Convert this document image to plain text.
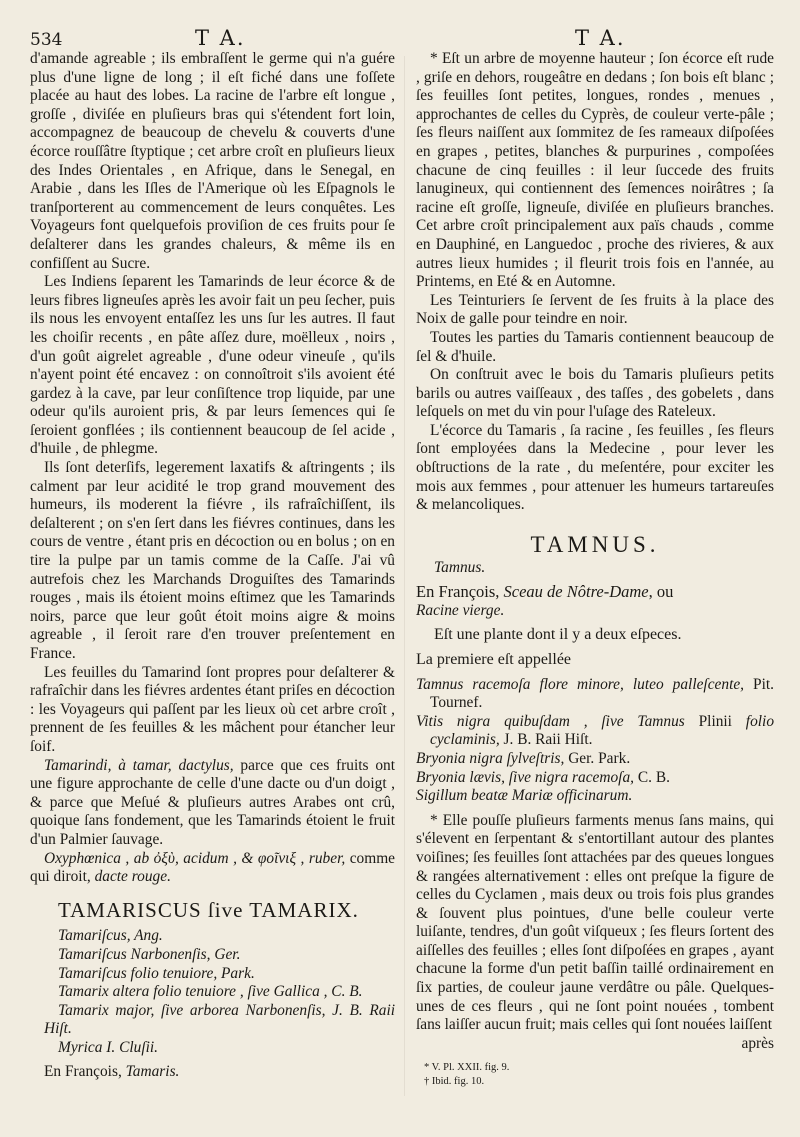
534	T A.	T A.

d'amande agreable ; ils embraſſent le germe qui n'a guére plus d'une ligne de long ; il eſt fiché dans une foſſete placée au haut des lobes. La racine de l'arbre eſt longue , groſſe , diviſée en pluſieurs bras qui s'étendent fort loin, accompagnez de beaucoup de chevelu & couverts d'une écorce rouſſâtre ſtyptique ; cet arbre croît en pluſieurs lieux des Indes Orientales , en Afrique, dans le Senegal, en Arabie , dans les Iſles de l'Amerique où les Eſpagnols le tranſporterent au commencement de leurs conquêtes. Les Voyageurs font quelquefois proviſion de ces fruits pour ſe deſalterer dans les grandes chaleurs, & même ils en confiſſent au Sucre.

Les Indiens ſeparent les Tamarinds de leur écorce & de leurs fibres ligneuſes après les avoir fait un peu ſecher, puis ils nous les envoyent entaſſez les uns ſur les autres. Il faut les choiſir recents , en pâte aſſez dure, moëlleux , noirs , d'un goût aigrelet agreable , d'une odeur vineuſe , qu'ils n'ayent point été encavez : on connoîtroit s'ils avoient été gardez à la cave, par leur conſiſtence trop liquide, par une odeur qu'ils auroient pris, & par leurs ſemences qui ſe ſeroient gonflées ; ils contiennent beaucoup de ſel acide , d'huile , de phlegme.

Ils ſont deterſifs, legerement laxatifs & aſtringents ; ils calment par leur acidité le trop grand mouvement des humeurs, ils moderent la fiévre , ils rafraîchiſſent, ils deſalterent ; on s'en ſert dans les fiévres continues, dans les cours de ventre , étant pris en décoction ou en bolus ; on en tire la pulpe par un tamis comme de la Caſſe. J'ai vû autrefois chez les Marchands Droguiſtes des Tamarinds rouges , mais ils étoient moins eſtimez que les Tamarinds noirs, parce que leur goût étoit moins aigre & moins agreable , il ſeroit rare d'en trouver preſentement en France.

Les feuilles du Tamarind ſont propres pour deſalterer & rafraîchir dans les fiévres ardentes étant priſes en décoction : les Voyageurs qui paſſent par les lieux où cet arbre croît , prennent de ſes feuilles & les mâchent pour étancher leur ſoif.

Tamarindi, à tamar, dactylus, parce que ces fruits ont une figure approchante de celle d'une dacte ou d'un doigt , & parce que Meſué & pluſieurs autres Arabes ont crû, quoique ſans fondement, que les Tamarinds étoient le fruit d'un Palmier ſauvage.

Oxyphœnica , ab ὀξὺ, acidum , & φοῖνιξ , ruber, comme qui diroit, dacte rouge.

TAMARISCUS ſive TAMARIX.

Tamariſcus, Ang.

Tamariſcus Narbonenſis, Ger.

Tamariſcus folio tenuiore, Park.

Tamarix altera folio tenuiore , ſive Gallica , C. B.

Tamarix major, ſive arborea Narbonenſis, J. B. Raii Hiſt.

Myrica I. Cluſii.

En François, Tamaris.

* Eſt un arbre de moyenne hauteur ; ſon écorce eſt rude , griſe en dehors, rougeâtre en dedans ; ſon bois eſt blanc ; ſes feuilles ſont petites, longues, rondes , menues , approchantes de celles du Cyprès, de couleur verte-pâle ; ſes fleurs naiſſent aux ſommitez de ſes rameaux diſpoſées en grapes , petites, blanches & purpurines , compoſées chacune de cinq feuilles : il leur ſuccede des fruits lanugineux, qui contiennent des ſemences noirâtres ; ſa racine eſt groſſe, ligneuſe, diviſée en pluſieurs branches. Cet arbre croît principalement aux païs chauds , comme en Dauphiné, en Languedoc , proche des rivieres, & aux autres lieux humides ; il fleurit trois fois en l'année, au Printems, en Eté & en Automne.

Les Teinturiers ſe ſervent de ſes fruits à la place des Noix de galle pour teindre en noir.

Toutes les parties du Tamaris contiennent beaucoup de ſel & d'huile.

On conſtruit avec le bois du Tamaris pluſieurs petits barils ou autres vaiſſeaux , des taſſes , des gobelets , dans leſquels on met du vin pour l'uſage des Rateleux.

L'écorce du Tamaris , ſa racine , ſes feuilles , ſes fleurs ſont employées dans la Medecine , pour lever les obſtructions de la rate , du meſentére, pour exciter les mois aux femmes , pour attenuer les humeurs tartareuſes & melancoliques.

TAMNUS.

Tamnus.

En François, Sceau de Nôtre-Dame, ou

Racine vierge.

Eſt une plante dont il y a deux eſpeces.

La premiere eſt appellée

Tamnus racemoſa flore minore, luteo palleſcente, Pit. Tournef.

Vitis nigra quibuſdam , ſive Tamnus Plinii folio cyclaminis, J. B. Raii Hiſt.

Bryonia nigra ſylveſtris, Ger. Park.

Bryonia lævis, ſive nigra racemoſa, C. B.

Sigillum beatæ Mariæ officinarum.

* Elle pouſſe pluſieurs farments menus ſans mains, qui s'élevent en ſerpentant & s'entortillant autour des plantes voiſines; ſes feuilles ſont attachées par des queues longues & rangées alternativement : elles ont preſque la figure de celles du Cyclamen , mais deux ou trois fois plus grandes & ſouvent plus pointues, d'une belle couleur verte luiſante, tendres, d'un goût viſqueux ; ſes fleurs ſortent des aiſſelles des feuilles ; elles ſont diſpoſées en grapes , ayant chacune la forme d'un petit baſſin taillé ordinairement en ſix parties, de couleur jaune verdâtre ou pâle. Quelques-unes de ces fleurs , qui ne ſont point nouées , tombent ſans laiſſer aucun fruit; mais celles qui ſont nouées laiſſent

après

* V. Pl. XXII. fig. 9.
† Ibid. fig. 10.
